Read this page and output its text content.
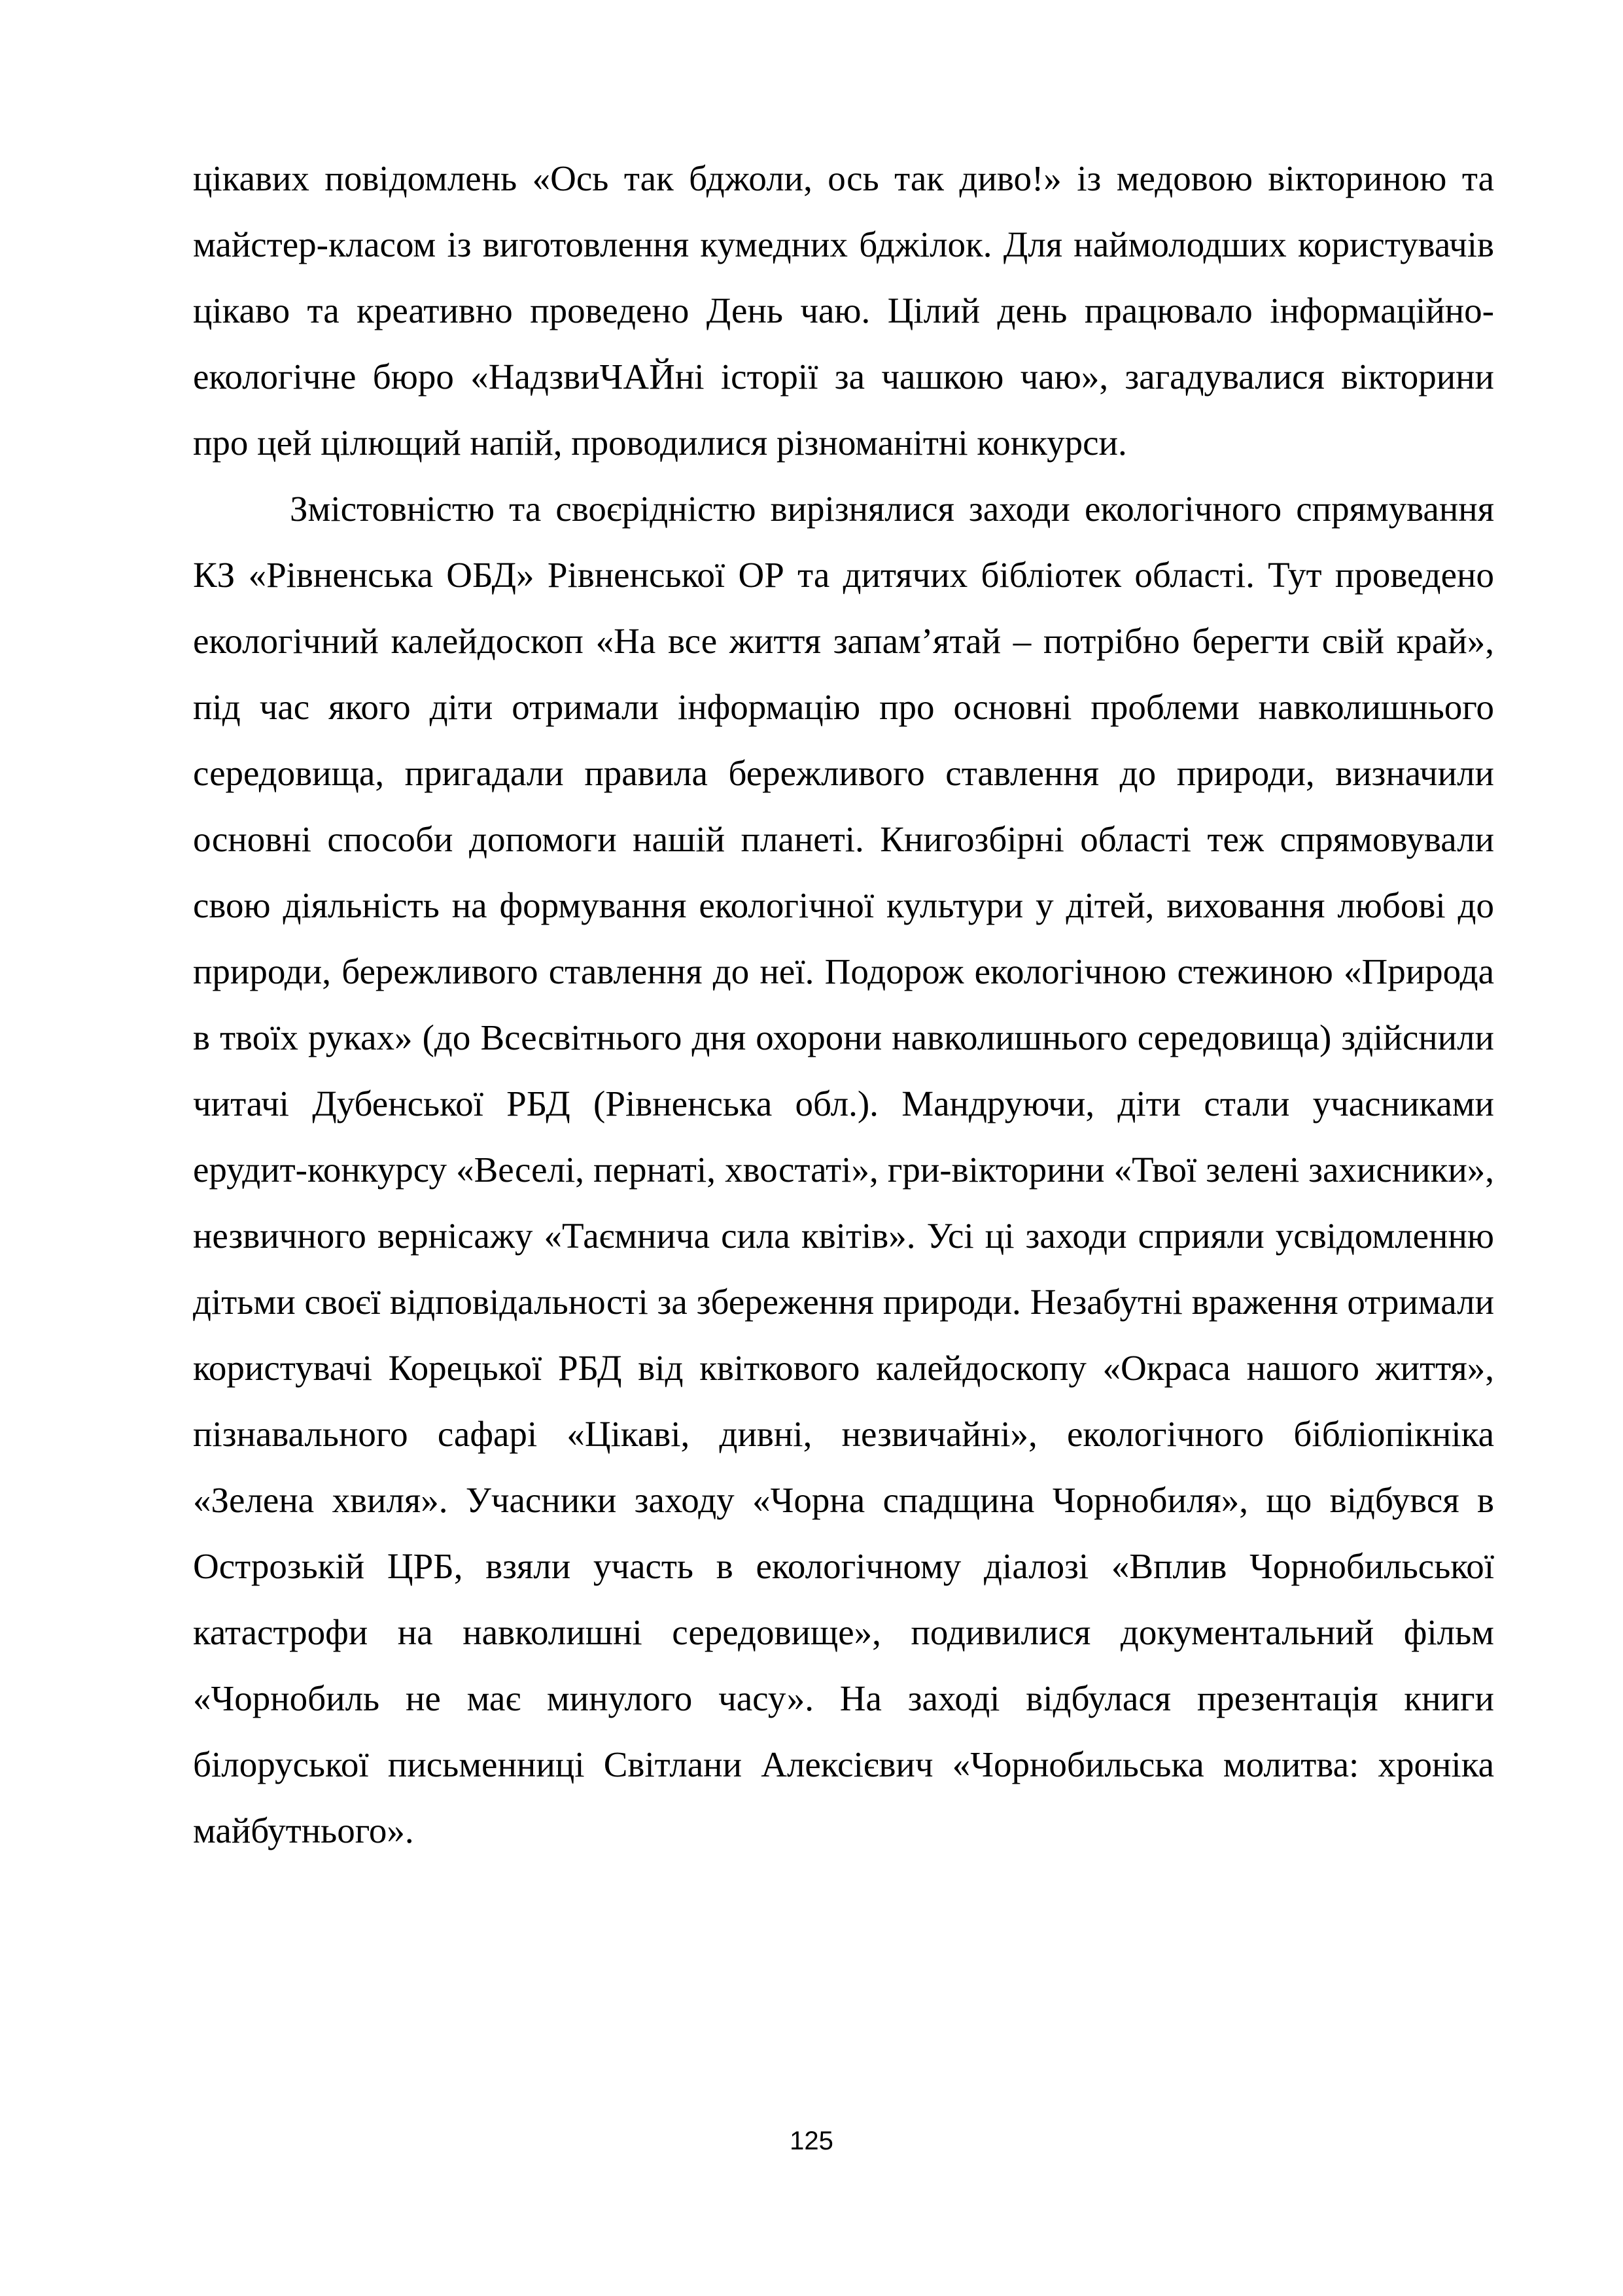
цікавих повідомлень «Ось так бджоли, ось так диво!» із медовою вікториною та майстер-класом із виготовлення кумедних бджілок. Для наймолодших користувачів цікаво та креативно проведено День чаю. Цілий день працювало інформаційно-екологічне бюро «НадзвиЧАЙні історії за чашкою чаю», загадувалися вікторини про цей цілющий напій, проводилися різноманітні конкурси.

Змістовністю та своєрідністю вирізнялися заходи екологічного спрямування КЗ «Рівненська ОБД» Рівненської ОР та дитячих бібліотек області. Тут проведено екологічний калейдоскоп «На все життя запам’ятай – потрібно берегти свій край», під час якого діти отримали інформацію про основні проблеми навколишнього середовища, пригадали правила бережливого ставлення до природи, визначили основні способи допомоги нашій планеті. Книгозбірні області теж спрямовували свою діяльність на формування екологічної культури у дітей, виховання любові до природи, бережливого ставлення до неї. Подорож екологічною стежиною «Природа в твоїх руках» (до Всесвітнього дня охорони навколишнього середовища) здійснили читачі Дубенської РБД (Рівненська обл.). Мандруючи, діти стали учасниками ерудит-конкурсу «Веселі, пернаті, хвостаті», гри-вікторини «Твої зелені захисники», незвичного вернісажу «Таємнича сила квітів». Усі ці заходи сприяли усвідомленню дітьми своєї відповідальності за збереження природи. Незабутні враження отримали користувачі Корецької РБД від квіткового калейдоскопу «Окраса нашого життя», пізнавального сафарі «Цікаві, дивні, незвичайні», екологічного бібліопікніка «Зелена хвиля». Учасники заходу «Чорна спадщина Чорнобиля», що відбувся в Острозькій ЦРБ, взяли участь в екологічному діалозі «Вплив Чорнобильської катастрофи на навколишні середовище», подивилися документальний фільм «Чорнобиль не має минулого часу». На заході відбулася презентація книги білоруської письменниці Світлани Алексієвич «Чорнобильська молитва: хроніка майбутнього».

125
